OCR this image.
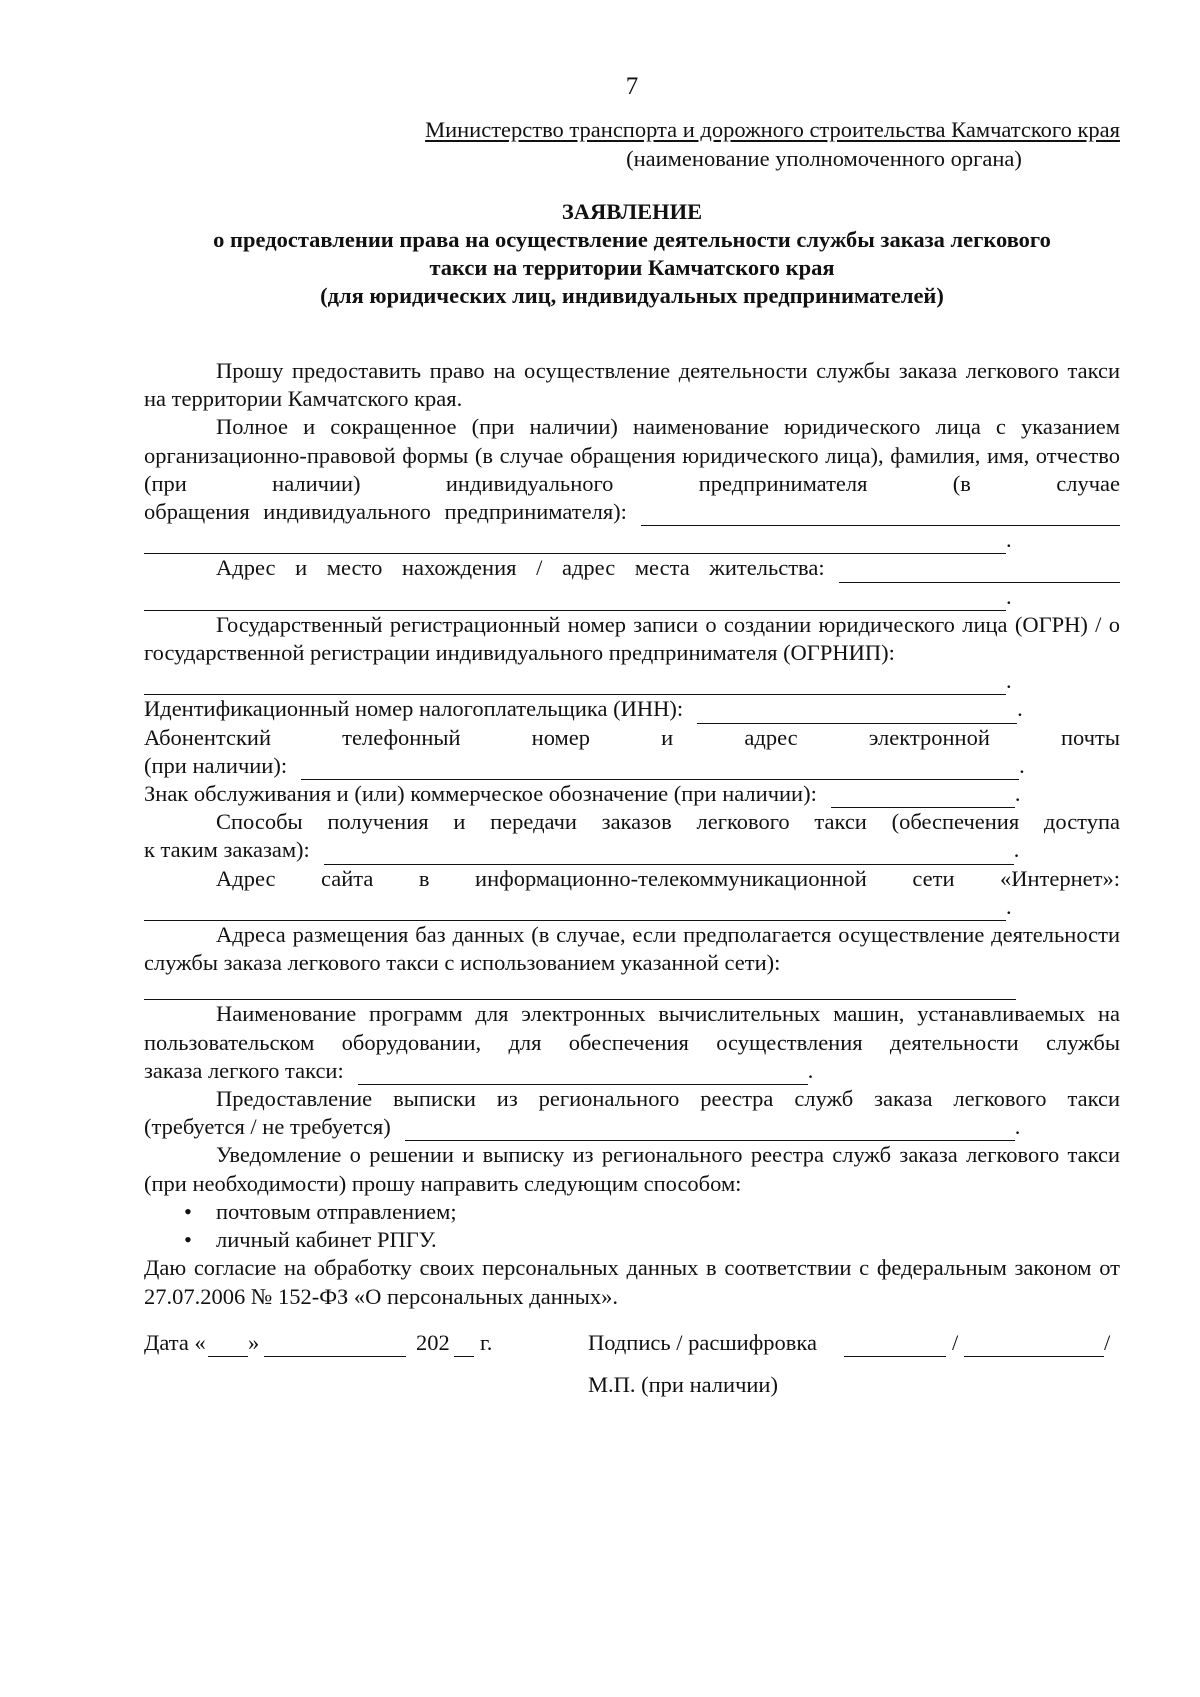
7
Министерство транспорта и дорожного строительства Камчатского края
(наименование уполномоченного органа)
ЗАЯВЛЕНИЕ
о предоставлении права на осуществление деятельности службы заказа легкового
такси на территории Камчатского края
(для юридических лиц, индивидуальных предпринимателей)

Прошу предоставить право на осуществление деятельности службы заказа легкового такси на территории Камчатского края.

Полное и сокращенное (при наличии) наименование юридического лица с указанием организационно-правовой формы (в случае обращения юридического лица), фамилия, имя, отчество (при наличии) индивидуального предпринимателя (в случае

обращения индивидуального предпринимателя):
.
Адрес и место нахождения / адрес места жительства:
.

Государственный регистрационный номер записи о создании юридического лица (ОГРН) / о государственной регистрации индивидуального предпринимателя (ОГРНИП):

.
Идентификационный номер налогоплательщика (ИНН):	.

Абонентский телефонный номер и адрес электронной почты

(при наличии):	.
Знак обслуживания и (или) коммерческое обозначение (при наличии):	.

Способы получения и передачи заказов легкового такси (обеспечения доступа

к таким заказам):	.

Адрес сайта в информационно-телекоммуникационной сети «Интернет»:

.

Адреса размещения баз данных (в случае, если предполагается осуществление деятельности службы заказа легкового такси с использованием указанной сети):

Наименование программ для электронных вычислительных машин, устанавливаемых на пользовательском оборудовании, для обеспечения осуществления деятельности службы

заказа легкого такси:	.

Предоставление выписки из регионального реестра служб заказа легкового такси

(требуется / не требуется)	.

Уведомление о решении и выписку из регионального реестра служб заказа легкового такси (при необходимости) прошу направить следующим способом:

•	почтовым отправлением;
•	личный кабинет РПГУ.

Даю согласие на обработку своих персональных данных в соответствии с федеральным законом от 27.07.2006 № 152-ФЗ «О персональных данных».

Дата « »	202 г.	Подпись / расшифровка	/	/
М.П. (при наличии)
